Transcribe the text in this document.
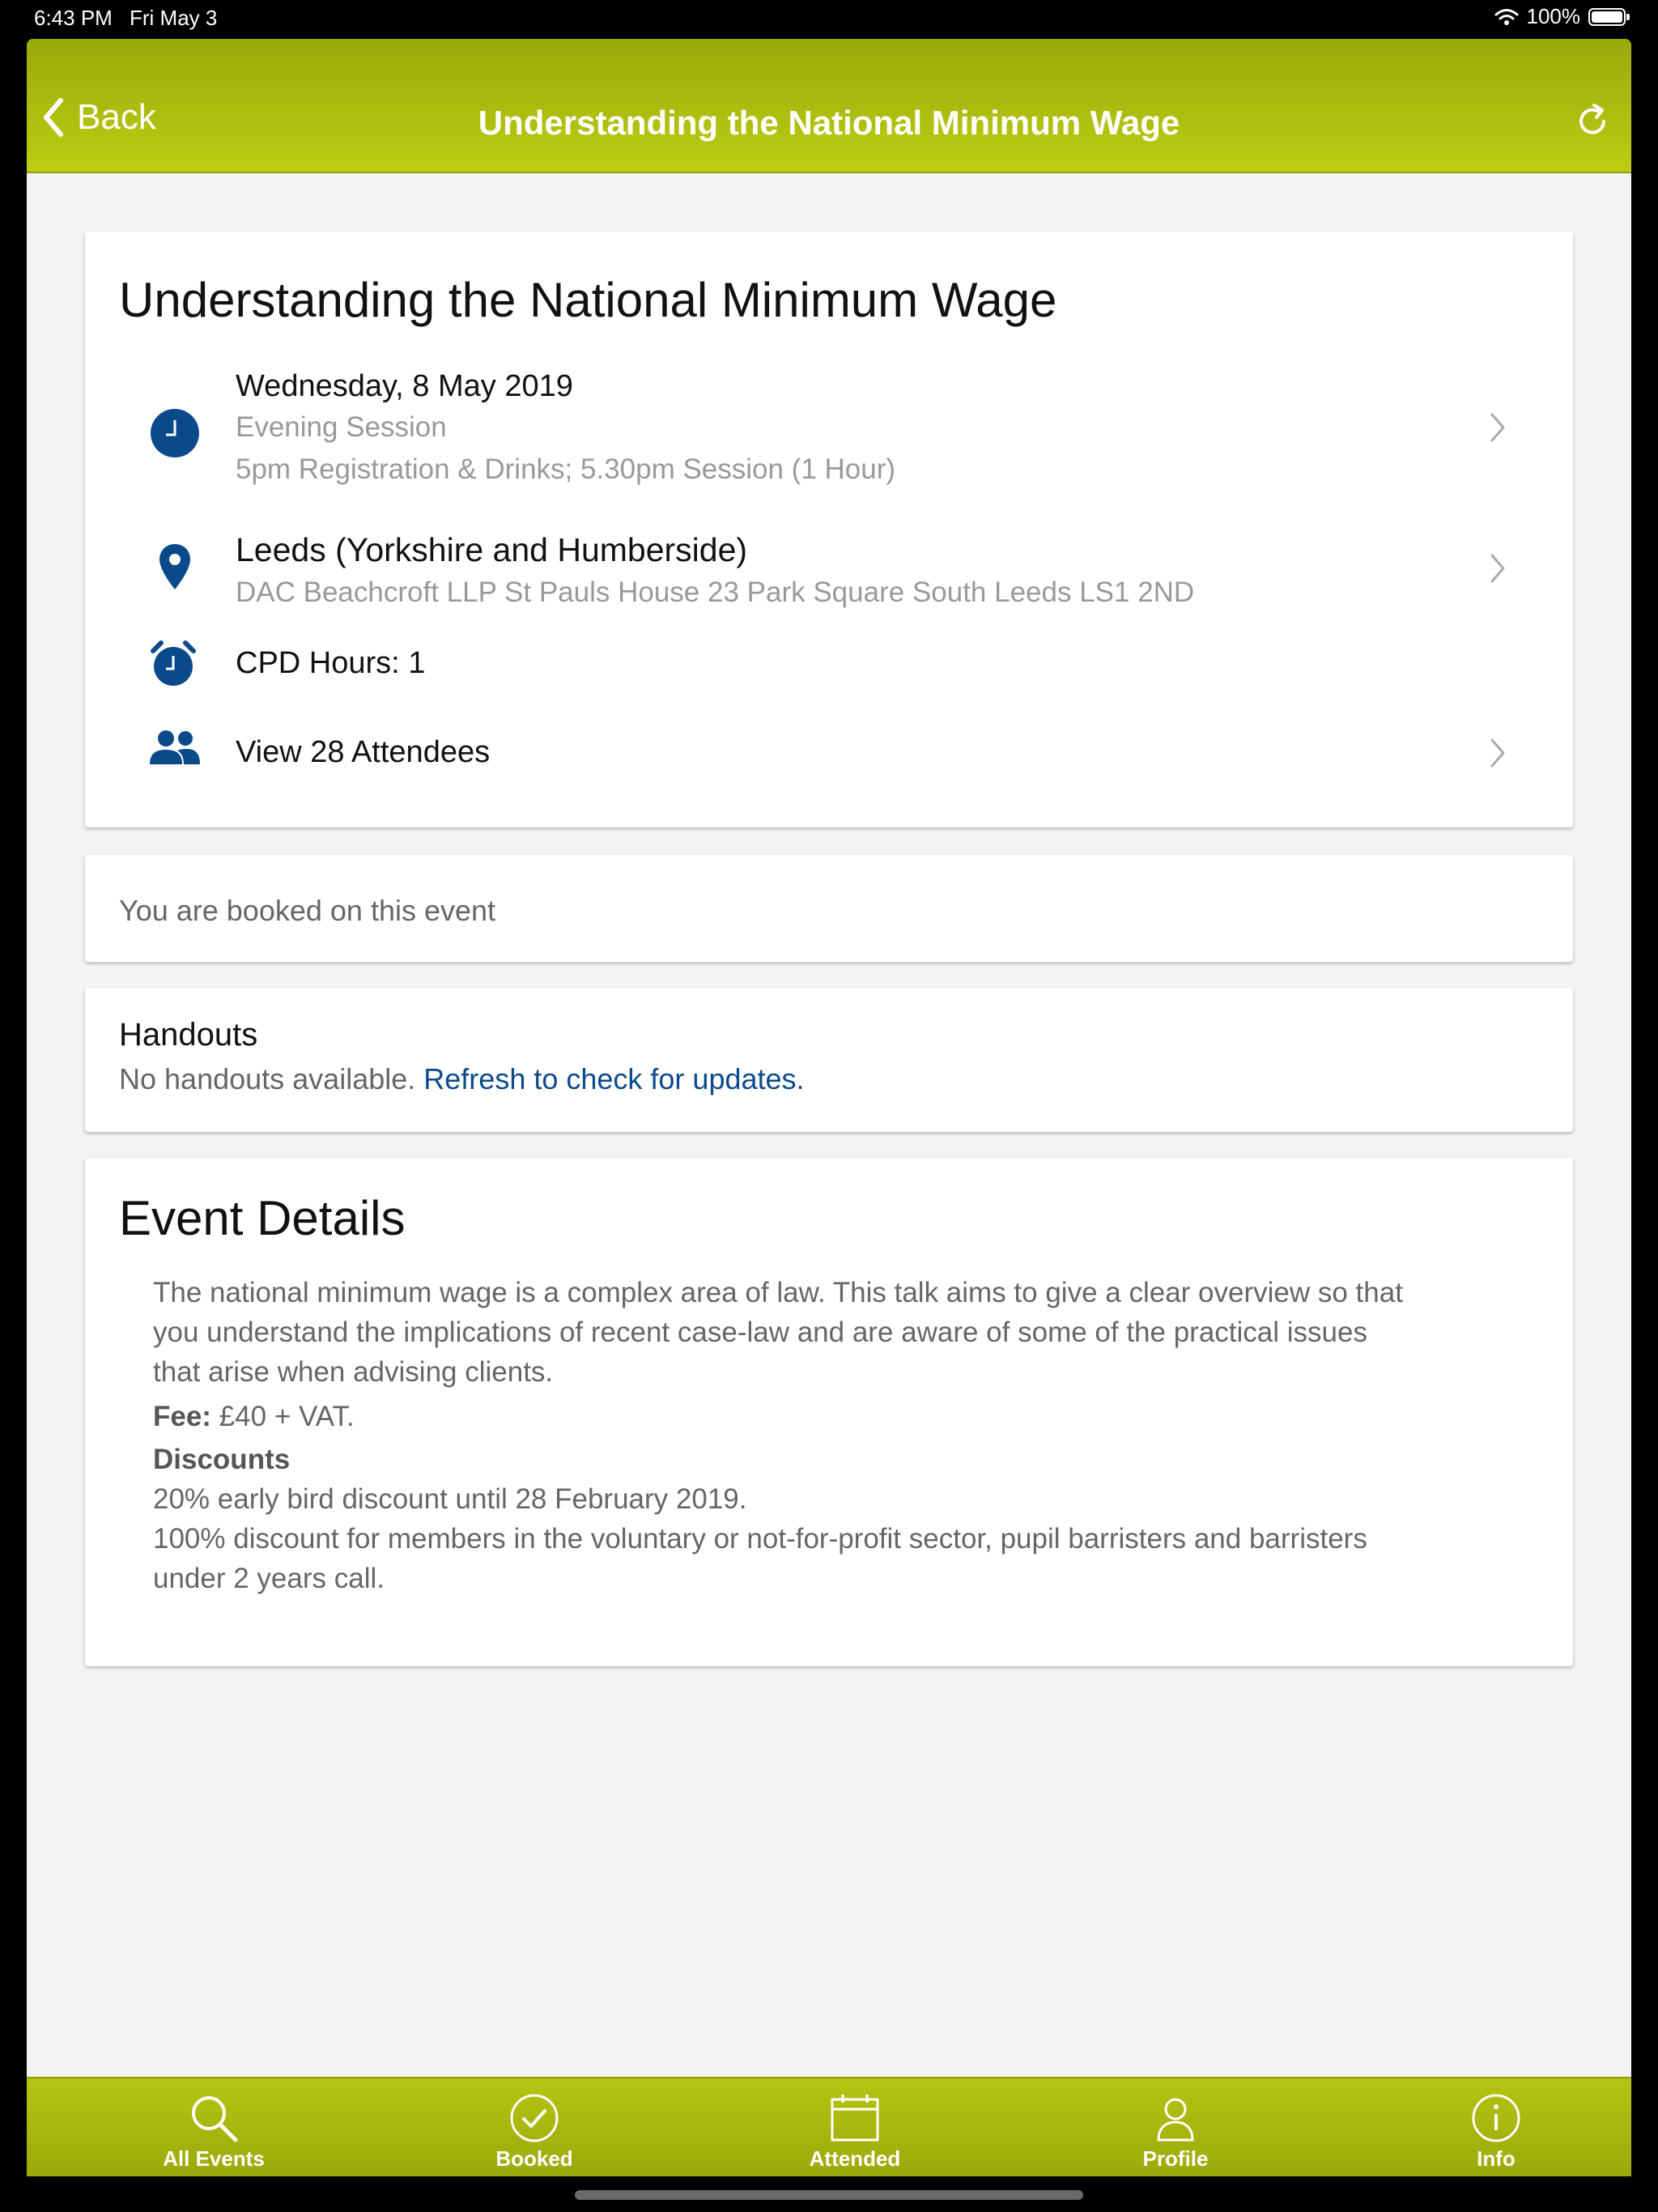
6:43 PM Fri May 3	100%
Back	Understanding the National Minimum Wage
Understanding the National Minimum Wage
Wednesday, 8 May 2019
Evening Session
5pm Registration & Drinks; 5.30pm Session (1 Hour)
Leeds (Yorkshire and Humberside)
DAC Beachcroft LLP St Pauls House 23 Park Square South Leeds LS1 2ND
CPD Hours: 1
View 28 Attendees
You are booked on this event
Handouts
No handouts available. Refresh to check for updates.
Event Details

The national minimum wage is a complex area of law. This talk aims to give a clear overview so that

you understand the implications of recent case-law and are aware of some of the practical issues

that arise when advising clients.

Fee: £40 + VAT.

Discounts

20% early bird discount until 28 February 2019.

100% discount for members in the voluntary or not-for-profit sector, pupil barristers and barristers

under 2 years call.

All Events	Booked	Attended	Profile	Info
